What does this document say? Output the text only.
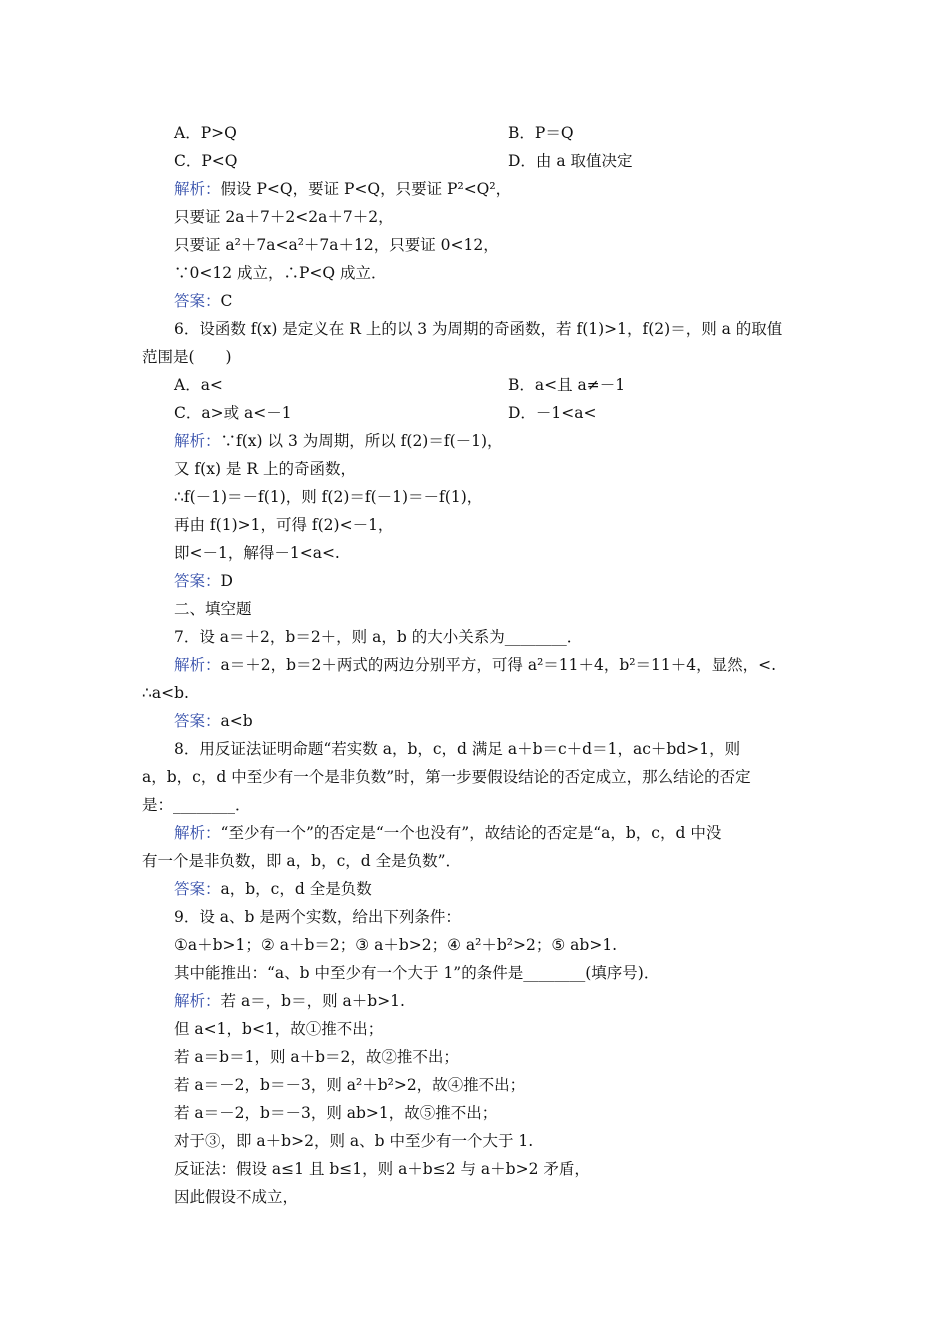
A．P>Q	B．P＝Q
C．P<Q	D．由 a 取值决定
解析：假设 P<Q，要证 P<Q，只要证 P²<Q²，
只要证 2a＋7＋2<2a＋7＋2，
只要证 a²＋7a<a²＋7a＋12，只要证 0<12，
∵0<12 成立，∴P<Q 成立．
答案：C
6．设函数 f(x) 是定义在 R 上的以 3 为周期的奇函数，若 f(1)>1，f(2)＝，则 a 的取值
范围是(　　)
A．a<	B．a<且 a≠－1
C．a>或 a<－1	D．－1<a<
解析：∵f(x) 以 3 为周期，所以 f(2)＝f(－1)，
又 f(x) 是 R 上的奇函数，
∴f(－1)＝－f(1)，则 f(2)＝f(－1)＝－f(1)，
再由 f(1)>1，可得 f(2)<－1，
即<－1，解得－1<a<.
答案：D
二、填空题
7．设 a＝＋2，b＝2＋，则 a，b 的大小关系为________．
解析：a＝＋2，b＝2＋两式的两边分别平方，可得 a²＝11＋4，b²＝11＋4，显然，<.
∴a<b.
答案：a<b
8．用反证法证明命题“若实数 a，b，c，d 满足 a＋b＝c＋d＝1，ac＋bd>1，则
a，b，c，d 中至少有一个是非负数”时，第一步要假设结论的否定成立，那么结论的否定
是：________．
解析：“至少有一个”的否定是“一个也没有”，故结论的否定是“a，b，c，d 中没
有一个是非负数，即 a，b，c，d 全是负数”．
答案：a，b，c，d 全是负数
9．设 a、b 是两个实数，给出下列条件：
①a＋b>1；② a＋b＝2；③ a＋b>2；④ a²＋b²>2；⑤ ab>1.
其中能推出：“a、b 中至少有一个大于 1”的条件是________(填序号)．
解析：若 a＝，b＝，则 a＋b>1.
但 a<1，b<1，故①推不出；
若 a＝b＝1，则 a＋b＝2，故②推不出；
若 a＝－2，b＝－3，则 a²＋b²>2，故④推不出；
若 a＝－2，b＝－3，则 ab>1，故⑤推不出；
对于③，即 a＋b>2，则 a、b 中至少有一个大于 1.
反证法：假设 a≤1 且 b≤1，则 a＋b≤2 与 a＋b>2 矛盾，
因此假设不成立，
